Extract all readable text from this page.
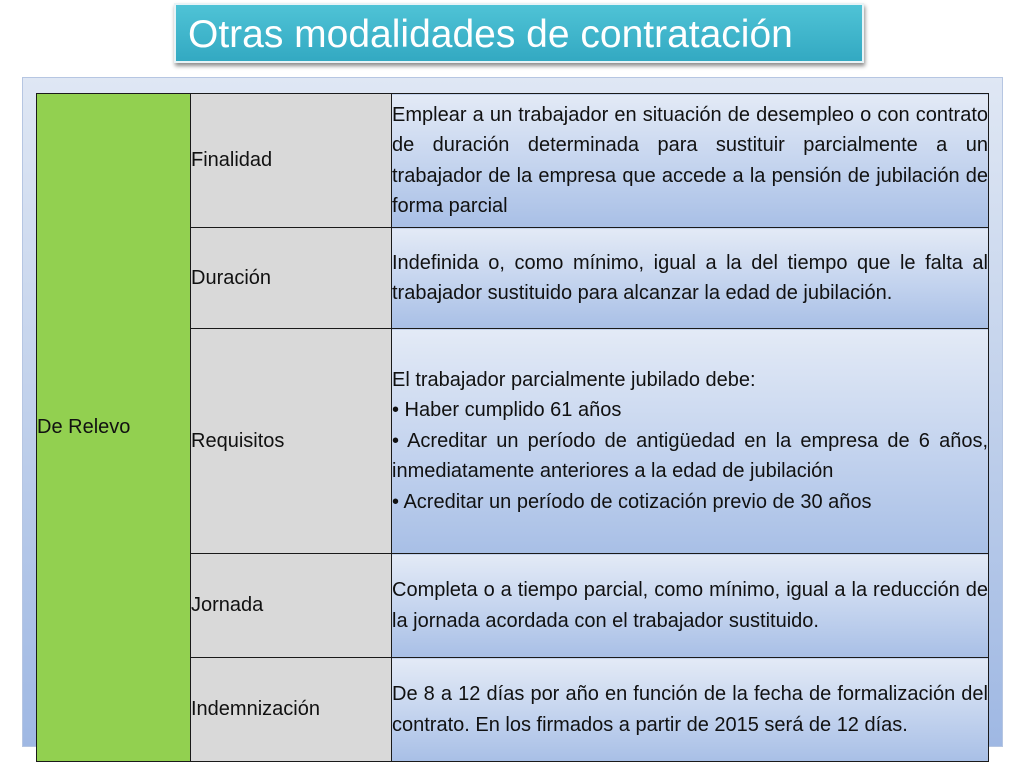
Otras modalidades de contratación
De Relevo	Finalidad	Emplear a un trabajador en situación de desempleo o con contrato de duración determinada para sustituir parcialmente a un trabajador de la empresa que accede a la pensión de jubilación de forma parcial
	Duración	Indefinida o, como mínimo, igual a la del tiempo que le falta al trabajador sustituido para alcanzar la edad de jubilación.
	Requisitos	El trabajador parcialmente jubilado debe:
• Haber cumplido 61 años
• Acreditar un período de antigüedad en la empresa de 6 años, inmediatamente anteriores a la edad de jubilación
• Acreditar un período de cotización previo de 30 años

	Jornada	Completa o a tiempo parcial, como mínimo, igual a la reducción de la jornada acordada con el trabajador sustituido.
	Indemnización	De 8 a 12 días por año en función de la fecha de formalización del contrato. En los firmados a partir de 2015 será de 12 días.
